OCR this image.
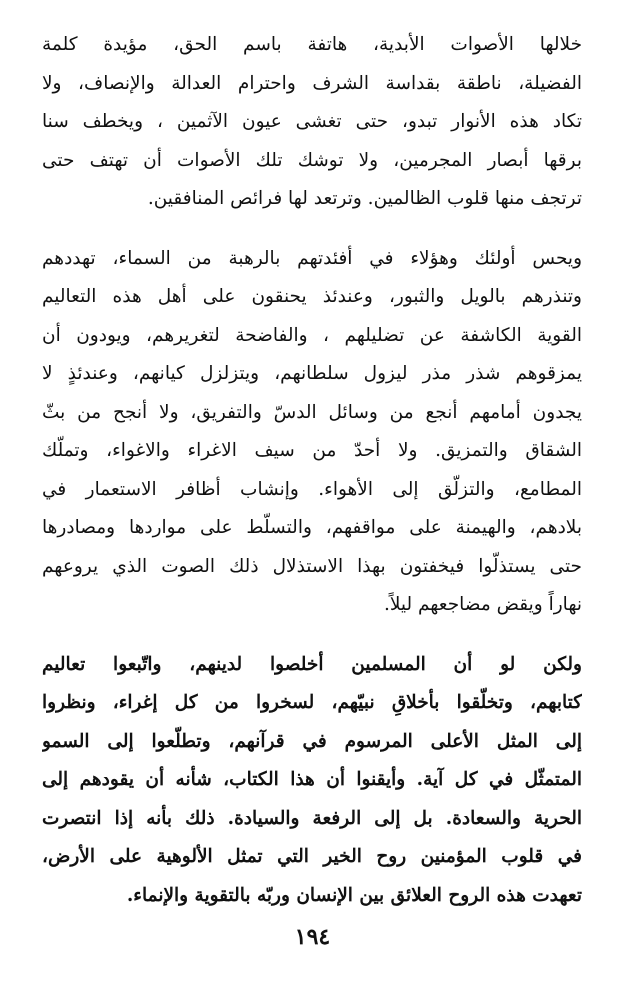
خلالها الأصوات الأبدية، هاتفة باسم الحق، مؤيدة كلمة
الفضيلة، ناطقة بقداسة الشرف واحترام العدالة والإنصاف، ولا
تكاد هذه الأنوار تبدو، حتى تغشى عيون الآثمين ، ويخطف سنا
برقها أبصار المجرمين، ولا توشك تلك الأصوات أن تهتف حتى
ترتجف منها قلوب الظالمين. وترتعد لها فرائص المنافقين.
ويحس أولئك وهؤلاء في أفئدتهم بالرهبة من السماء، تهددهم
وتنذرهم بالويل والثبور، وعندئذ يحنقون على أهل هذه التعاليم
القوية الكاشفة عن تضليلهم ، والفاضحة لتغريرهم، ويودون أن
يمزقوهم شذر مذر ليزول سلطانهم، ويتزلزل كيانهم، وعندئذٍ لا
يجدون أمامهم أنجع من وسائل الدسّ والتفريق، ولا أنجح من بثّ
الشقاق والتمزيق. ولا أحدّ من سيف الاغراء والاغواء، وتملّك
المطامع، والتزلّق إلى الأهواء. وإنشاب أظافر الاستعمار في
بلادهم، والهيمنة على مواقفهم، والتسلّط على مواردها ومصادرها
حتى يستذلّوا فيخفتون بهذا الاستذلال ذلك الصوت الذي يروعهم
نهاراً ويقض مضاجعهم ليلاً.
ولكن لو أن المسلمين أخلصوا لدينهم، واتّبعوا تعاليم
كتابهم، وتخلّقوا بأخلاقِ نبيّهم، لسخروا من كل إغراء، ونظروا
إلى المثل الأعلى المرسوم في قرآنهم، وتطلّعوا إلى السمو
المتمثّل في كل آية. وأيقنوا أن هذا الكتاب، شأنه أن يقودهم إلى
الحرية والسعادة. بل إلى الرفعة والسيادة. ذلك بأنه إذا انتصرت
في قلوب المؤمنين روح الخير التي تمثل الألوهية على الأرض،
تعهدت هذه الروح العلائق بين الإنسان وربّه بالتقوية والإنماء.
١٩٤
